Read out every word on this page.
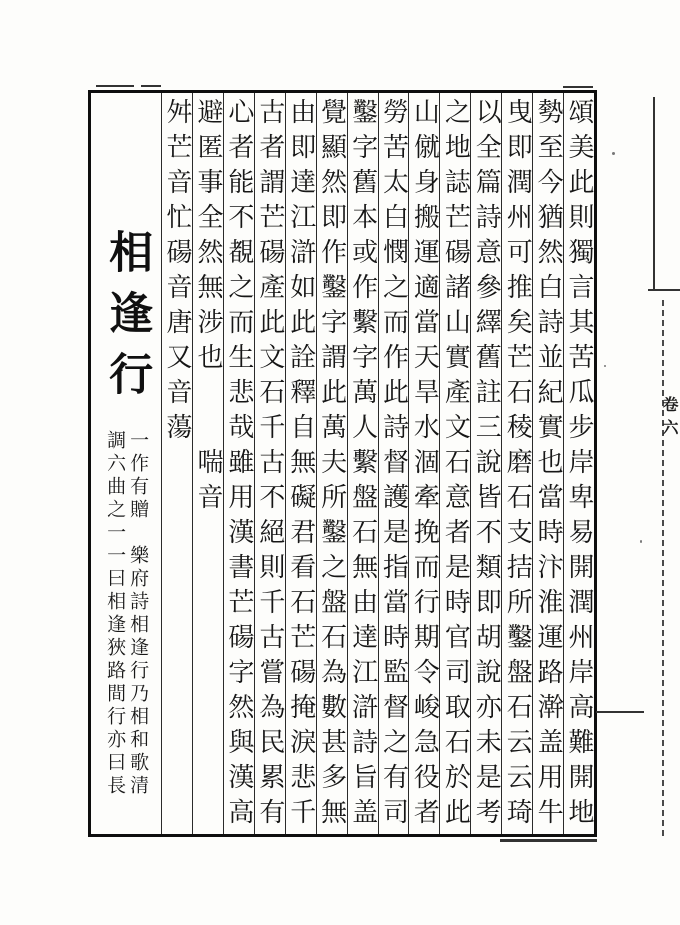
頌美此則獨言其苦瓜步岸卑易開潤州岸高難開地
勢至今猶然白詩並紀實也當時汴淮運路澣盖用牛
曳即潤州可推矣芒石稜磨石支拮所鑿盤石云云琦
以全篇詩意參繹舊註三說皆不類即胡說亦未是考
之地誌芒碭諸山實產文石意者是時官司取石於此
山僦身搬運適當天旱水涸牽挽而行期令峻急役者
勞苦太白憫之而作此詩督護是指當時監督之有司
鑿字舊本或作繫字萬人繫盤石無由達江滸詩旨盖
覺顯然即作鑿字謂此萬夫所鑿之盤石為數甚多無
由即達江滸如此詮釋自無礙君看石芒碭掩淚悲千
古者謂芒碭產此文石千古不絕則千古嘗為民累有
心者能不覩之而生悲哉雖用漢書芒碭字然與漢高
避匿事全然無涉也　　喘音
舛芒音忙碭音唐又音蕩
相逢行
一作有贈　樂府詩相逢行乃相和歌清
調六曲之一一曰相逢狹路間行亦曰長
卷六
